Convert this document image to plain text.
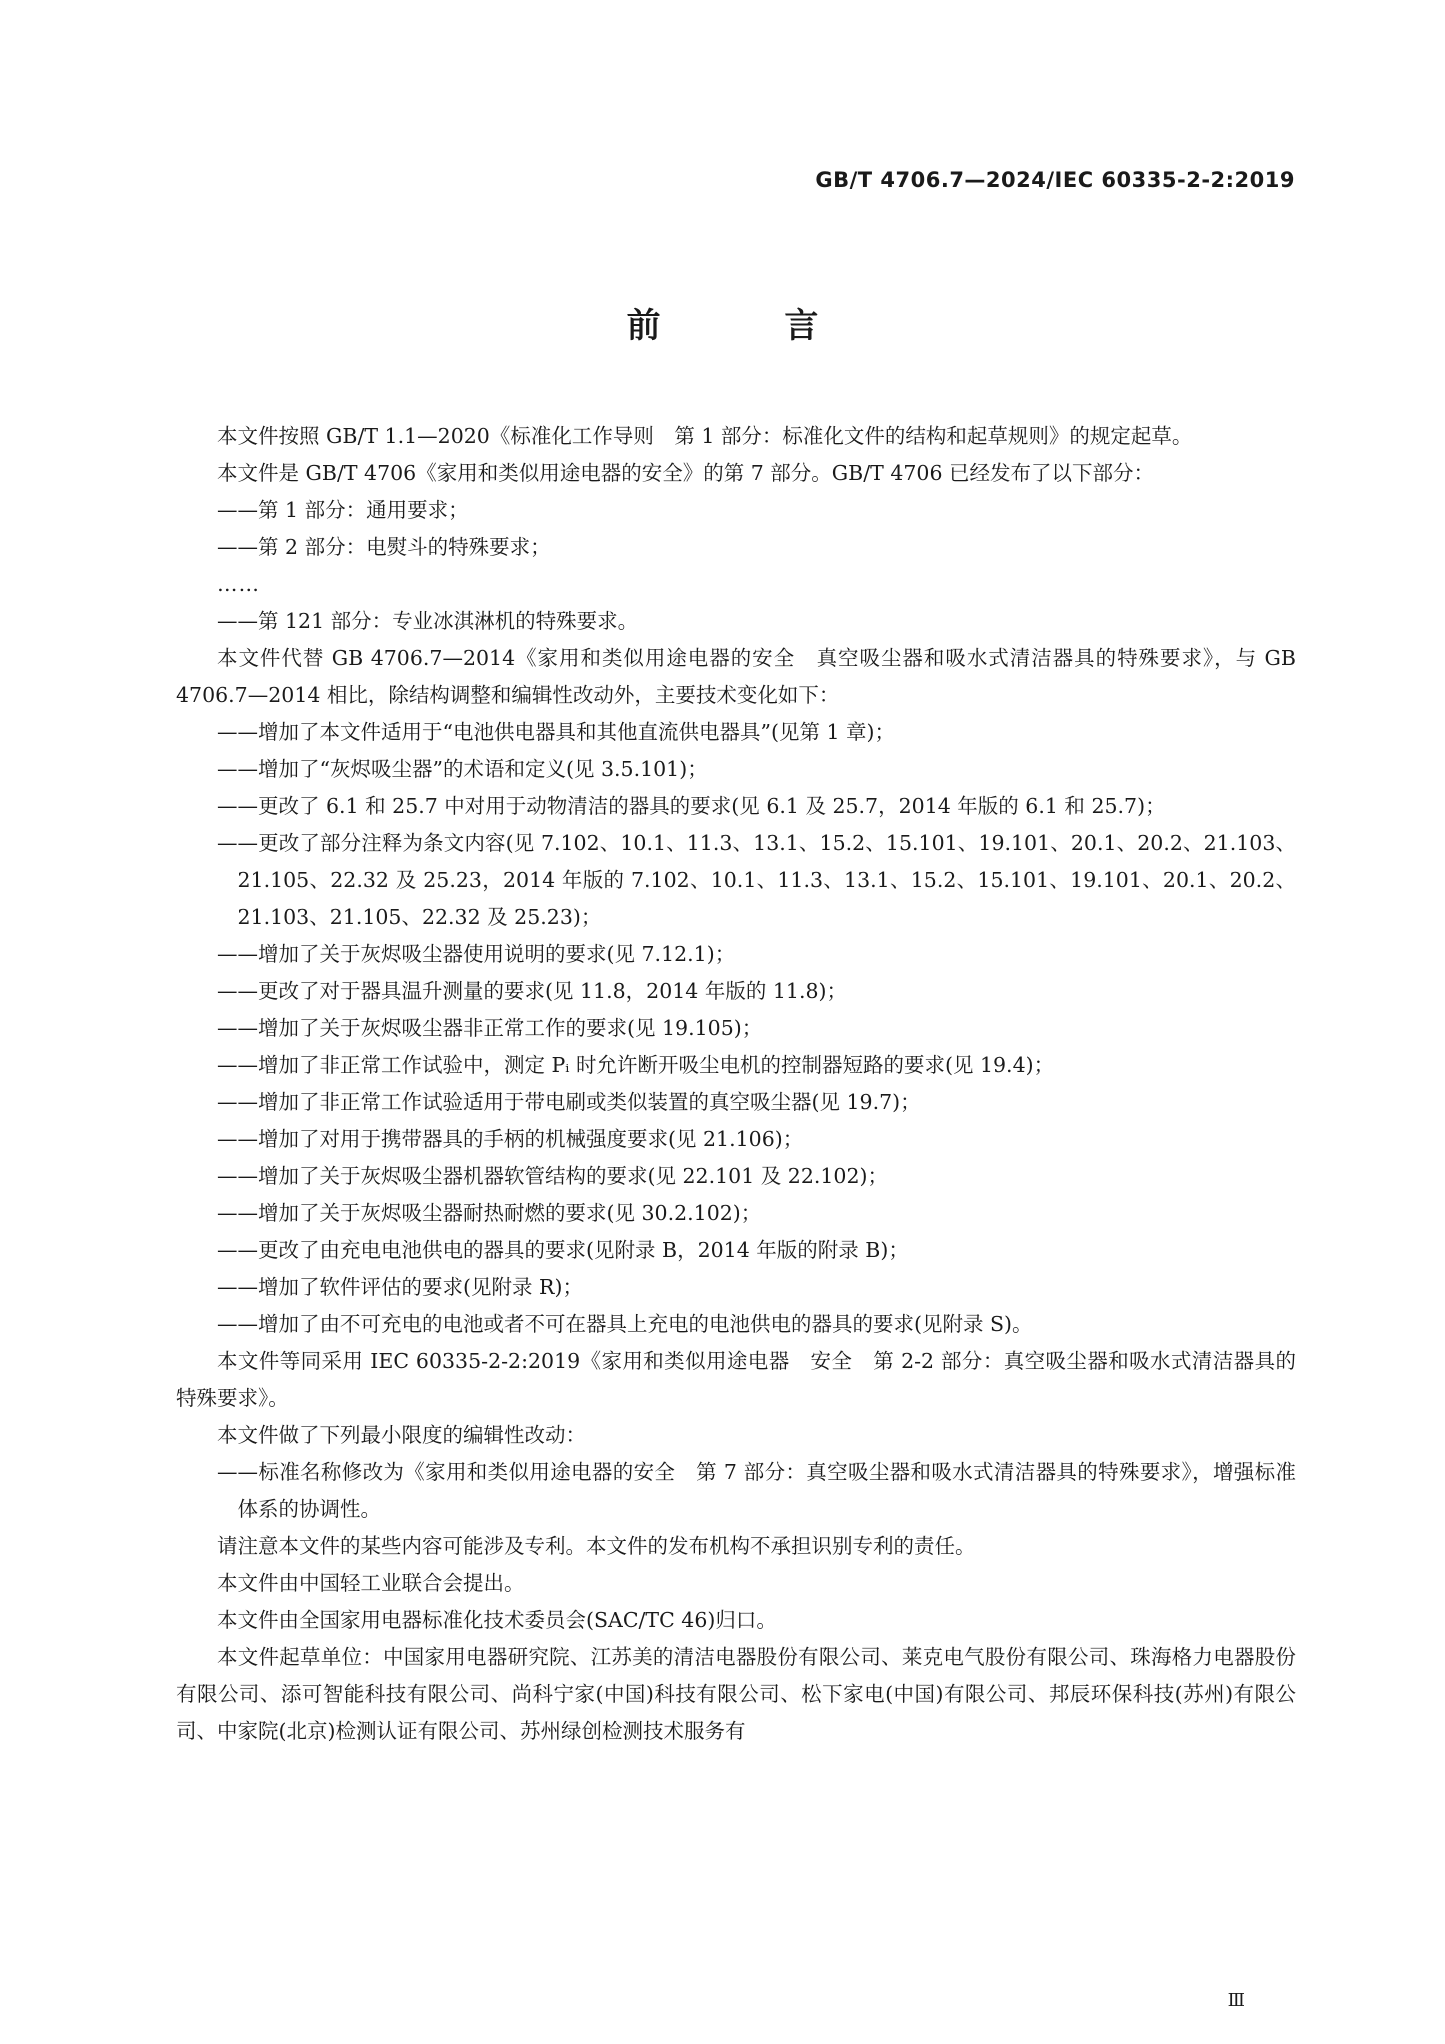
GB/T 4706.7—2024/IEC 60335-2-2:2019
前 言

本文件按照 GB/T 1.1—2020《标准化工作导则　第 1 部分：标准化文件的结构和起草规则》的规定起草。

本文件是 GB/T 4706《家用和类似用途电器的安全》的第 7 部分。GB/T 4706 已经发布了以下部分：

——第 1 部分：通用要求；

——第 2 部分：电熨斗的特殊要求；

……

——第 121 部分：专业冰淇淋机的特殊要求。

本文件代替 GB 4706.7—2014《家用和类似用途电器的安全　真空吸尘器和吸水式清洁器具的特殊要求》，与 GB 4706.7—2014 相比，除结构调整和编辑性改动外，主要技术变化如下：

——增加了本文件适用于“电池供电器具和其他直流供电器具”(见第 1 章)；

——增加了“灰烬吸尘器”的术语和定义(见 3.5.101)；

——更改了 6.1 和 25.7 中对用于动物清洁的器具的要求(见 6.1 及 25.7，2014 年版的 6.1 和 25.7)；

——更改了部分注释为条文内容(见 7.102、10.1、11.3、13.1、15.2、15.101、19.101、20.1、20.2、21.103、21.105、22.32 及 25.23，2014 年版的 7.102、10.1、11.3、13.1、15.2、15.101、19.101、20.1、20.2、21.103、21.105、22.32 及 25.23)；

——增加了关于灰烬吸尘器使用说明的要求(见 7.12.1)；

——更改了对于器具温升测量的要求(见 11.8，2014 年版的 11.8)；

——增加了关于灰烬吸尘器非正常工作的要求(见 19.105)；

——增加了非正常工作试验中，测定 Pᵢ 时允许断开吸尘电机的控制器短路的要求(见 19.4)；

——增加了非正常工作试验适用于带电刷或类似装置的真空吸尘器(见 19.7)；

——增加了对用于携带器具的手柄的机械强度要求(见 21.106)；

——增加了关于灰烬吸尘器机器软管结构的要求(见 22.101 及 22.102)；

——增加了关于灰烬吸尘器耐热耐燃的要求(见 30.2.102)；

——更改了由充电电池供电的器具的要求(见附录 B，2014 年版的附录 B)；

——增加了软件评估的要求(见附录 R)；

——增加了由不可充电的电池或者不可在器具上充电的电池供电的器具的要求(见附录 S)。

本文件等同采用 IEC 60335-2-2:2019《家用和类似用途电器　安全　第 2-2 部分：真空吸尘器和吸水式清洁器具的特殊要求》。

本文件做了下列最小限度的编辑性改动：

——标准名称修改为《家用和类似用途电器的安全　第 7 部分：真空吸尘器和吸水式清洁器具的特殊要求》，增强标准体系的协调性。

请注意本文件的某些内容可能涉及专利。本文件的发布机构不承担识别专利的责任。

本文件由中国轻工业联合会提出。

本文件由全国家用电器标准化技术委员会(SAC/TC 46)归口。

本文件起草单位：中国家用电器研究院、江苏美的清洁电器股份有限公司、莱克电气股份有限公司、珠海格力电器股份有限公司、添可智能科技有限公司、尚科宁家(中国)科技有限公司、松下家电(中国)有限公司、邦辰环保科技(苏州)有限公司、中家院(北京)检测认证有限公司、苏州绿创检测技术服务有

Ⅲ
